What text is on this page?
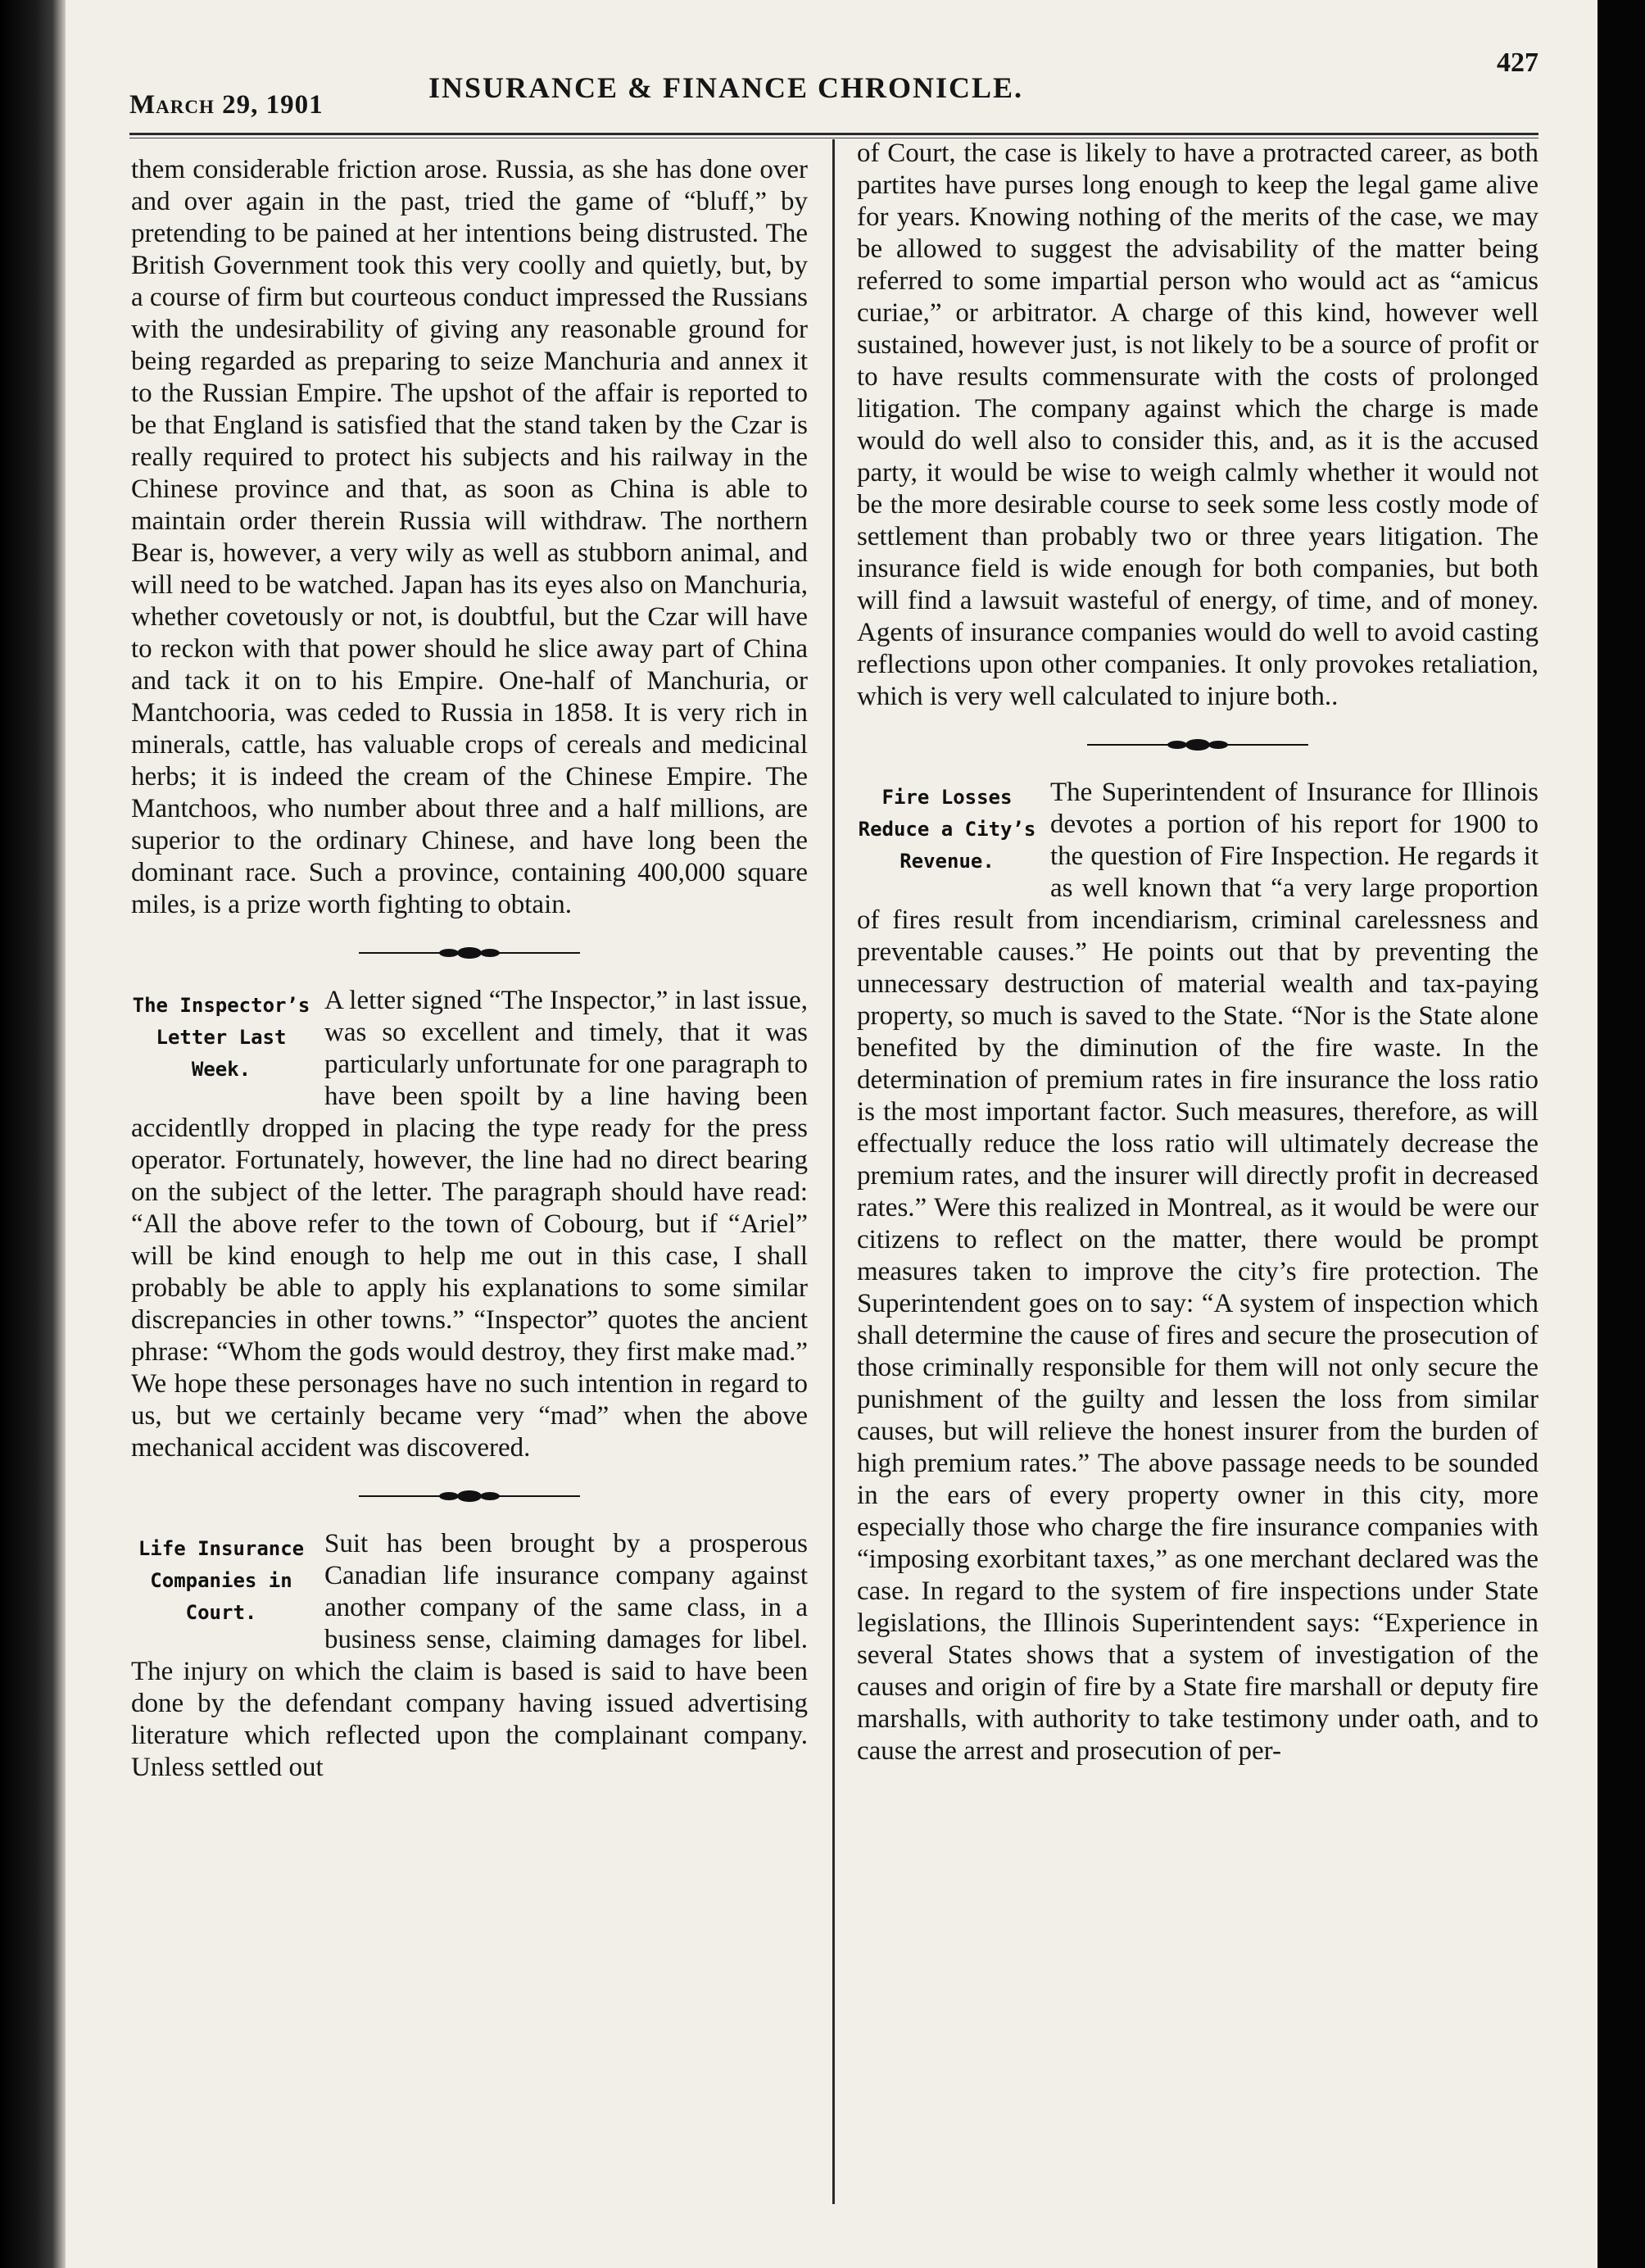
March 29, 1901
INSURANCE & FINANCE CHRONICLE.
427

them considerable friction arose. Russia, as she has done over and over again in the past, tried the game of “bluff,” by pretending to be pained at her intentions being distrusted. The British Government took this very coolly and quietly, but, by a course of firm but courteous conduct impressed the Russians with the undesirability of giving any reasonable ground for being regarded as preparing to seize Manchuria and annex it to the Russian Empire. The upshot of the affair is reported to be that England is satisfied that the stand taken by the Czar is really required to protect his subjects and his railway in the Chinese province and that, as soon as China is able to maintain order therein Russia will withdraw. The northern Bear is, however, a very wily as well as stubborn animal, and will need to be watched. Japan has its eyes also on Manchuria, whether covetously or not, is doubtful, but the Czar will have to reckon with that power should he slice away part of China and tack it on to his Empire. One-half of Manchuria, or Mantchooria, was ceded to Russia in 1858. It is very rich in minerals, cattle, has valuable crops of cereals and medicinal herbs; it is indeed the cream of the Chinese Empire. The Mantchoos, who number about three and a half millions, are superior to the ordinary Chinese, and have long been the dominant race. Such a province, containing 400,000 square miles, is a prize worth fighting to obtain.

The Inspector’s Letter Last Week.

A letter signed “The Inspector,” in last issue, was so excellent and timely, that it was particularly unfortunate for one paragraph to have been spoilt by a line having been accidentlly dropped in placing the type ready for the press operator. Fortunately, however, the line had no direct bearing on the subject of the letter. The paragraph should have read: “All the above refer to the town of Cobourg, but if “Ariel” will be kind enough to help me out in this case, I shall probably be able to apply his explanations to some similar discrepancies in other towns.” “Inspector” quotes the ancient phrase: “Whom the gods would destroy, they first make mad.” We hope these personages have no such intention in regard to us, but we certainly became very “mad” when the above mechanical accident was discovered.

Life Insurance Companies in Court.

Suit has been brought by a prosperous Canadian life insurance company against another company of the same class, in a business sense, claiming damages for libel. The injury on which the claim is based is said to have been done by the defendant company having issued advertising literature which reflected upon the complainant company. Unless settled out

of Court, the case is likely to have a protracted career, as both partites have purses long enough to keep the legal game alive for years. Knowing nothing of the merits of the case, we may be allowed to suggest the advisability of the matter being referred to some impartial person who would act as “amicus curiae,” or arbitrator. A charge of this kind, however well sustained, however just, is not likely to be a source of profit or to have results commensurate with the costs of prolonged litigation. The company against which the charge is made would do well also to consider this, and, as it is the accused party, it would be wise to weigh calmly whether it would not be the more desirable course to seek some less costly mode of settlement than probably two or three years litigation. The insurance field is wide enough for both companies, but both will find a lawsuit wasteful of energy, of time, and of money. Agents of insurance companies would do well to avoid casting reflections upon other companies. It only provokes retaliation, which is very well calculated to injure both..

Fire Losses Reduce a City’s Revenue.

The Superintendent of Insurance for Illinois devotes a portion of his report for 1900 to the question of Fire Inspection. He regards it as well known that “a very large proportion of fires result from incendiarism, criminal carelessness and preventable causes.” He points out that by preventing the unnecessary destruction of material wealth and tax-paying property, so much is saved to the State. “Nor is the State alone benefited by the diminution of the fire waste. In the determination of premium rates in fire insurance the loss ratio is the most important factor. Such measures, therefore, as will effectually reduce the loss ratio will ultimately decrease the premium rates, and the insurer will directly profit in decreased rates.” Were this realized in Montreal, as it would be were our citizens to reflect on the matter, there would be prompt measures taken to improve the city’s fire protection. The Superintendent goes on to say: “A system of inspection which shall determine the cause of fires and secure the prosecution of those criminally responsible for them will not only secure the punishment of the guilty and lessen the loss from similar causes, but will relieve the honest insurer from the burden of high premium rates.” The above passage needs to be sounded in the ears of every property owner in this city, more especially those who charge the fire insurance companies with “imposing exorbitant taxes,” as one merchant declared was the case. In regard to the system of fire inspections under State legislations, the Illinois Superintendent says: “Experience in several States shows that a system of investigation of the causes and origin of fire by a State fire marshall or deputy fire marshalls, with authority to take testimony under oath, and to cause the arrest and prosecution of per-
